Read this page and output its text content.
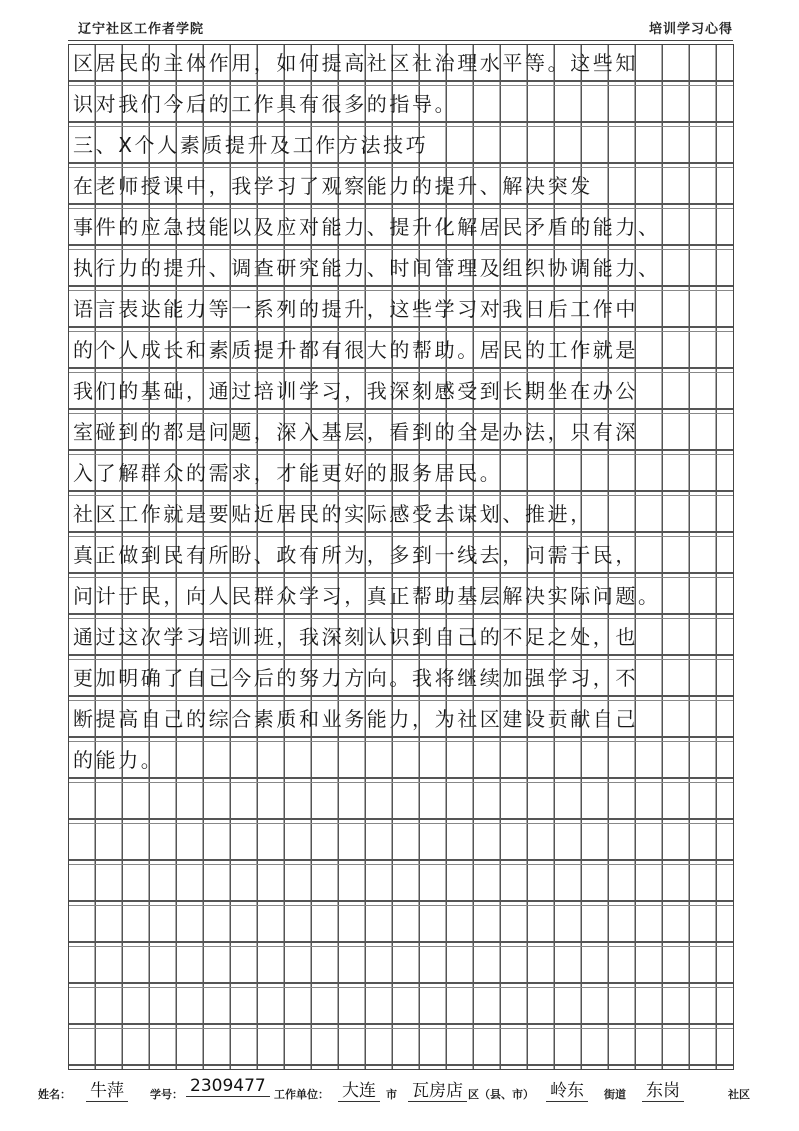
辽宁社区工作者学院	培训学习心得
区居民的主体作用，如何提高社区社治理水平等。这些知
识对我们今后的工作具有很多的指导。
三、X个人素质提升及工作方法技巧
在老师授课中，我学习了观察能力的提升、解决突发
事件的应急技能以及应对能力、提升化解居民矛盾的能力、
执行力的提升、调查研究能力、时间管理及组织协调能力、
语言表达能力等一系列的提升，这些学习对我日后工作中
的个人成长和素质提升都有很大的帮助。居民的工作就是
我们的基础，通过培训学习，我深刻感受到长期坐在办公
室碰到的都是问题，深入基层，看到的全是办法，只有深
入了解群众的需求，才能更好的服务居民。
社区工作就是要贴近居民的实际感受去谋划、推进，
真正做到民有所盼、政有所为，多到一线去，问需于民，
问计于民，向人民群众学习，真正帮助基层解决实际问题。
通过这次学习培训班，我深刻认识到自己的不足之处，也
更加明确了自己今后的努力方向。我将继续加强学习，不
断提高自己的综合素质和业务能力，为社区建设贡献自己
的能力。
姓名： 牛萍	学号： 2309477 工作单位： 大连 市 瓦房店 区（县、市） 岭东	街道 东岗	社区
